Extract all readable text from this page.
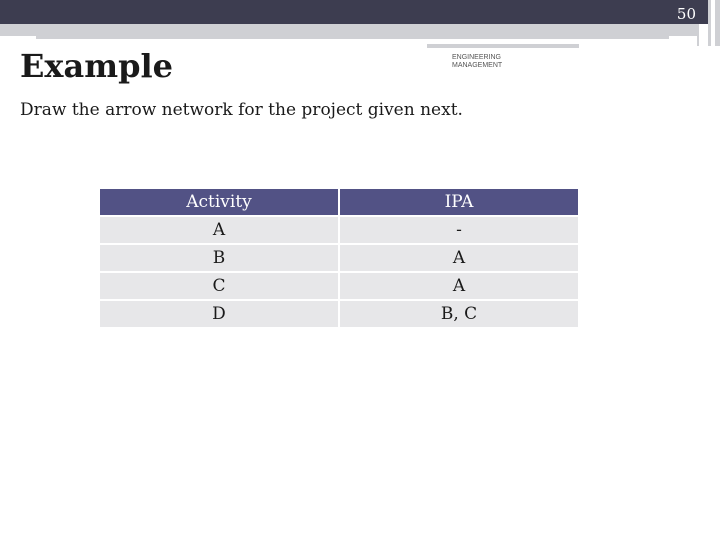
50
Example	ENGINEERING
MANAGEMENT
Draw the arrow network for the project given next.
Activity	IPA
A	-
B	A
C	A
D	B, C
